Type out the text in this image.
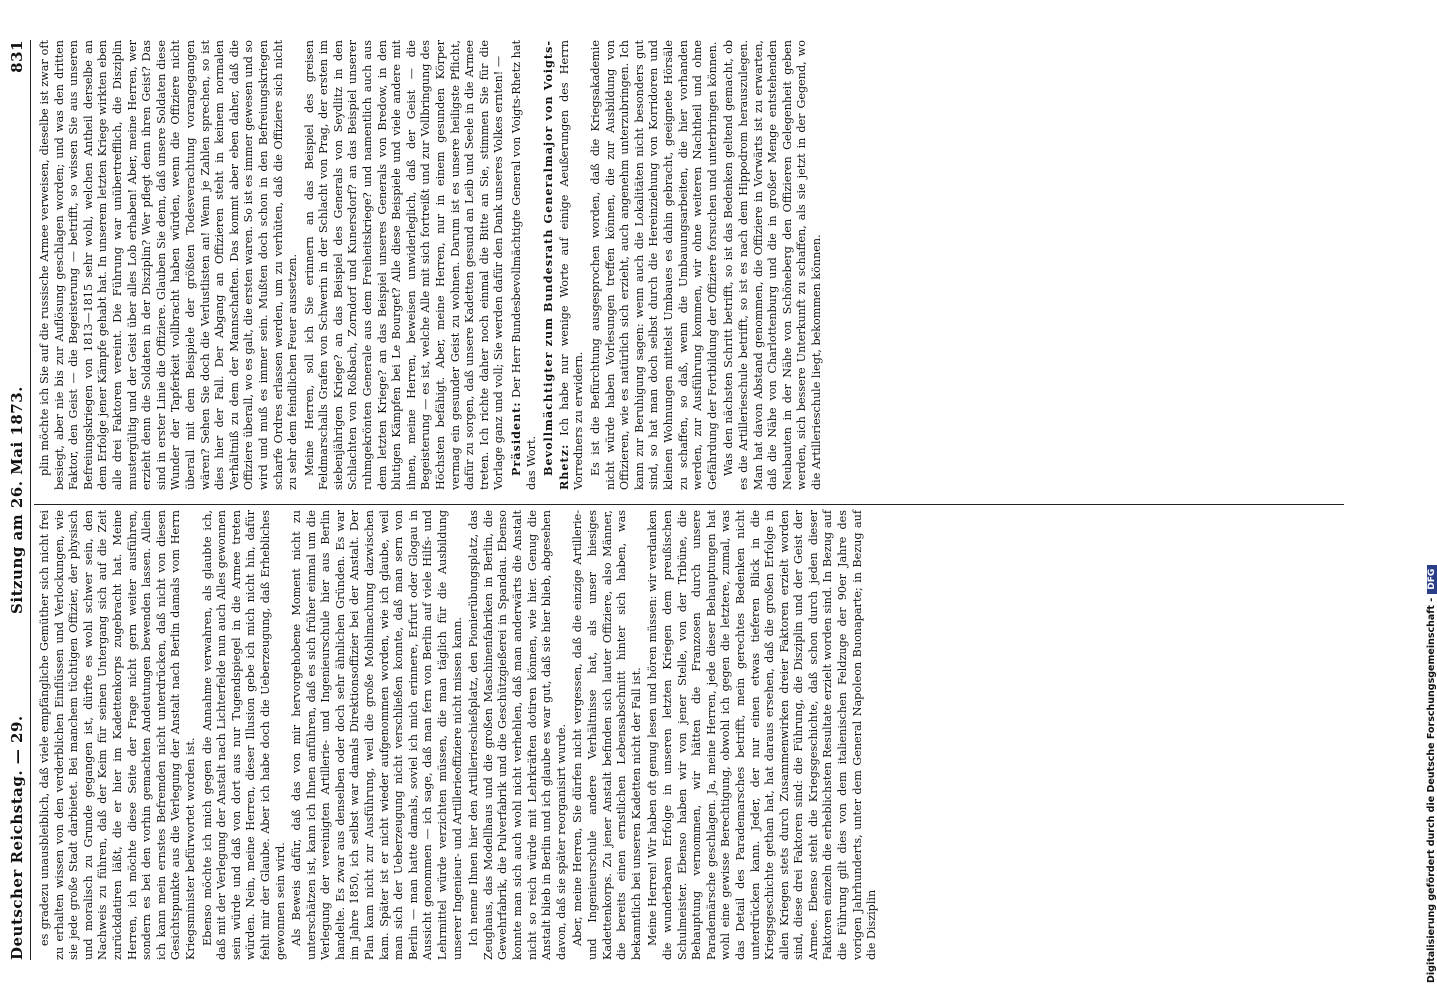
Deutscher Reichstag. — 29.
Sitzung am 26. Mai 1873.
831

es gradezu unausbleiblich, daß viele empfängliche Gemüther sich nicht frei zu erhalten wissen von den verderblichen Einflüssen und Verlockungen, wie sie jede große Stadt darbietet. Bei manchem tüchtigen Offizier, der physisch und moralisch zu Grunde gegangen ist, dürfte es wohl schwer sein, den Nachweis zu führen, daß der Keim für seinen Untergang sich auf die Zeit zurückdatiren läßt, die er hier im Kadettenkorps zugebracht hat. Meine Herren, ich möchte diese Seite der Frage nicht gern weiter ausführen, sondern es bei den vorhin gemachten Andeutungen bewenden lassen. Allein ich kann mein ernstes Befremden nicht unterdrücken, daß nicht von diesen Gesichtspunkte aus die Verlegung der Anstalt nach Berlin damals vom Herrn Kriegsminister befürwortet worden ist. Ebenso möchte ich mich gegen die Annahme verwahren, als glaubte ich, daß mit der Verlegung der Anstalt nach Lichterfelde nun auch Alles gewonnen sein würde und daß von dort aus nur Tugendspiegel in die Armee treten würden. Nein, meine Herren, dieser Illusion gebe ich mich nicht hin, dafür fehlt mir der Glaube. Aber ich habe doch die Ueberzeugung, daß Erhebliches gewonnen sein wird. Als Beweis dafür, daß das von mir hervorgehobene Moment nicht zu unterschätzen ist, kann ich Ihnen anführen, daß es sich früher einmal um die Verlegung der vereinigten Artillerie- und Ingenieurschule hier aus Berlin handelte. Es zwar aus denselben oder doch sehr ähnlichen Gründen. Es war im Jahre 1850, ich selbst war damals Direktionsoffizier bei der Anstalt. Der Plan kam nicht zur Ausführung, weil die große Mobilmachung dazwischen kam. Später ist er nicht wieder aufgenommen worden, wie ich glaube, weil man sich der Ueberzeugung nicht verschließen konnte, daß man sern von Berlin — man hatte damals, soviel ich mich erinnere, Erfurt oder Glogau in Aussicht genommen — ich sage, daß man fern von Berlin auf viele Hilfs- und Lehrmittel würde verzichten müssen, die man täglich für die Ausbildung unserer Ingenieur- und Artillerieoffiziere nicht missen kann. Ich nenne Ihnen hier den Artillerieschießplatz, den Pionierübungsplatz, das Zeughaus, das Modellhaus und die großen Maschinenfabriken in Berlin, die Gewehrfabrik, die Pulverfabrik und die Geschützgießerei in Spandau. Ebenso konnte man sich auch wohl nicht verhehlen, daß man anderwärts die Anstalt nicht so reich würde mit Lehrkräften dotiren können, wie hier. Genug die Anstalt blieb in Berlin und ich glaube es war gut, daß sie hier blieb, abgesehen davon, daß sie später reorganisirt wurde. Aber, meine Herren, Sie dürfen nicht vergessen, daß die einzige Artillerie- und Ingenieurschule andere Verhältnisse hat, als unser hiesiges Kadettenkorps. Zu jener Anstalt befinden sich lauter Offiziere, also Männer, die bereits einen ernstlichen Lebensabschnitt hinter sich haben, was bekanntlich bei unseren Kadetten nicht der Fall ist. Meine Herren! Wir haben oft genug lesen und hören müssen: wir verdanken die wunderbaren Erfolge in unseren letzten Kriegen dem preußischen Schulmeister. Ebenso haben wir von jener Stelle, von der Tribüne, die Behauptung vernommen, wir hätten die Franzosen durch unsere Parademärsche geschlagen. Ja, meine Herren, jede dieser Behauptungen hat wohl eine gewisse Berechtigung, obwohl ich gegen die letztere, zumal, was das Detail des Parademarsches betrifft, mein gerechtes Bedenken nicht unterdrücken kann. Jeder, der nur einen etwas tieferen Blick in die Kriegsgeschichte gethan hat, hat daraus ersehen, daß die großen Erfolge in allen Kriegen stets durch Zusammenwirken dreier Faktoren erzielt worden sind, diese drei Faktoren sind: die Führung, die Disziplin und der Geist der Armee. Ebenso steht die Kriegsgeschichte, daß schon durch jeden dieser Faktoren einzeln die erheblichsten Resultate erzielt worden sind. In Bezug auf die Führung gilt dies von dem italienischen Feldzuge der 90er Jahre des vorigen Jahrhunderts, unter dem General Napoleon Buonaparte; in Bezug auf die Disziplin

plin möchte ich Sie auf die russische Armee verweisen, dieselbe ist zwar oft besiegt, aber nie bis zur Auflösung geschlagen worden; und was den dritten Faktor, den Geist — die Begeisterung — betrifft, so wissen Sie aus unseren Befreiungskriegen von 1813—1815 sehr wohl, welchen Antheil derselbe an dem Erfolge jener Kämpfe gehabt hat. In unserem letzten Kriege wirkten eben alle drei Faktoren vereint. Die Führung war unübertrefflich, die Disziplin mustergültig und der Geist über alles Lob erhaben! Aber, meine Herren, wer erzieht denn die Soldaten in der Disziplin? Wer pflegt denn ihren Geist? Das sind in erster Linie die Offiziere. Glauben Sie denn, daß unsere Soldaten diese Wunder der Tapferkeit vollbracht haben würden, wenn die Offiziere nicht überall mit dem Beispiele der größten Todesverachtung vorangegangen wären? Sehen Sie doch die Verlustlisten an! Wenn je Zahlen sprechen, so ist dies hier der Fall. Der Abgang an Offizieren steht in keinem normalen Verhältniß zu dem der Mannschaften. Das kommt aber eben daher, daß die Offiziere überall, wo es galt, die ersten waren. So ist es immer gewesen und so wird und muß es immer sein. Mußten doch schon in den Befreiungskriegen scharfe Ordres erlassen werden, um zu verhüten, daß die Offiziere sich nicht zu sehr dem feindlichen Feuer aussetzen. Meine Herren, soll ich Sie erinnern an das Beispiel des greisen Feldmarschalls Grafen von Schwerin in der Schlacht von Prag, der ersten im siebenjährigen Kriege? an das Beispiel des Generals von Seydlitz in den Schlachten von Roßbach, Zorndorf und Kunersdorf? an das Beispiel unserer ruhmgekrönten Generale aus dem Freiheitskriege? und namentlich auch aus dem letzten Kriege? an das Beispiel unseres Generals von Bredow, in den blutigen Kämpfen bei Le Bourget? Alle diese Beispiele und viele andere mit ihnen, meine Herren, beweisen unwiderleglich, daß der Geist — die Begeisterung — es ist, welche Alle mit sich fortreißt und zur Vollbringung des Höchsten befähigt. Aber, meine Herren, nur in einem gesunden Körper vermag ein gesunder Geist zu wohnen. Darum ist es unsere heiligste Pflicht, dafür zu sorgen, daß unsere Kadetten gesund an Leib und Seele in die Armee treten. Ich richte daher noch einmal die Bitte an Sie, stimmen Sie für die Vorlage ganz und voll; Sie werden dafür den Dank unseres Volkes ernten! — Präsident: Der Herr Bundesbevollmächtigte General von Voigts-Rhetz hat das Wort. Bevollmächtigter zum Bundesrath Generalmajor von Voigts-Rhetz: Ich habe nur wenige Worte auf einige Aeußerungen des Herrn Vorredners zu erwidern. Es ist die Befürchtung ausgesprochen worden, daß die Kriegsakademie nicht würde haben Vorlesungen treffen können, die zur Ausbildung von Offizieren, wie es natürlich sich erzieht, auch angenehm unterzubringen. Ich kann zur Beruhigung sagen: wenn auch die Lokalitäten nicht besonders gut sind, so hat man doch selbst durch die Hereinziehung von Korridoren und kleinen Wohnungen mittelst Umbaues es dahin gebracht, geeignete Hörsäle zu schaffen, so daß, wenn die Umbauungsarbeiten, die hier vorhanden werden, zur Ausführung kommen, wir ohne weiteren Nachtheil und ohne Gefährdung der Fortbildung der Offiziere forsuchen und unterbringen können. Was den nächsten Schritt betrifft, so ist das Bedenken geltend gemacht, ob es die Artillerieschule betrifft, so ist es nach dem Hippodrom herauszulegen. Man hat davon Abstand genommen, die Offiziere in Vorwärts ist zu erwarten, daß die Nähe von Charlottenburg und die in großer Menge entstehenden Neubauten in der Nähe von Schöneberg den Offizieren Gelegenheit geben werden, sich bessere Unterkunft zu schaffen, als sie jetzt in der Gegend, wo die Artillerieschule liegt, bekommen können.

Digitalisierung gefördert durch die Deutsche Forschungsgemeinschaft -DFG
